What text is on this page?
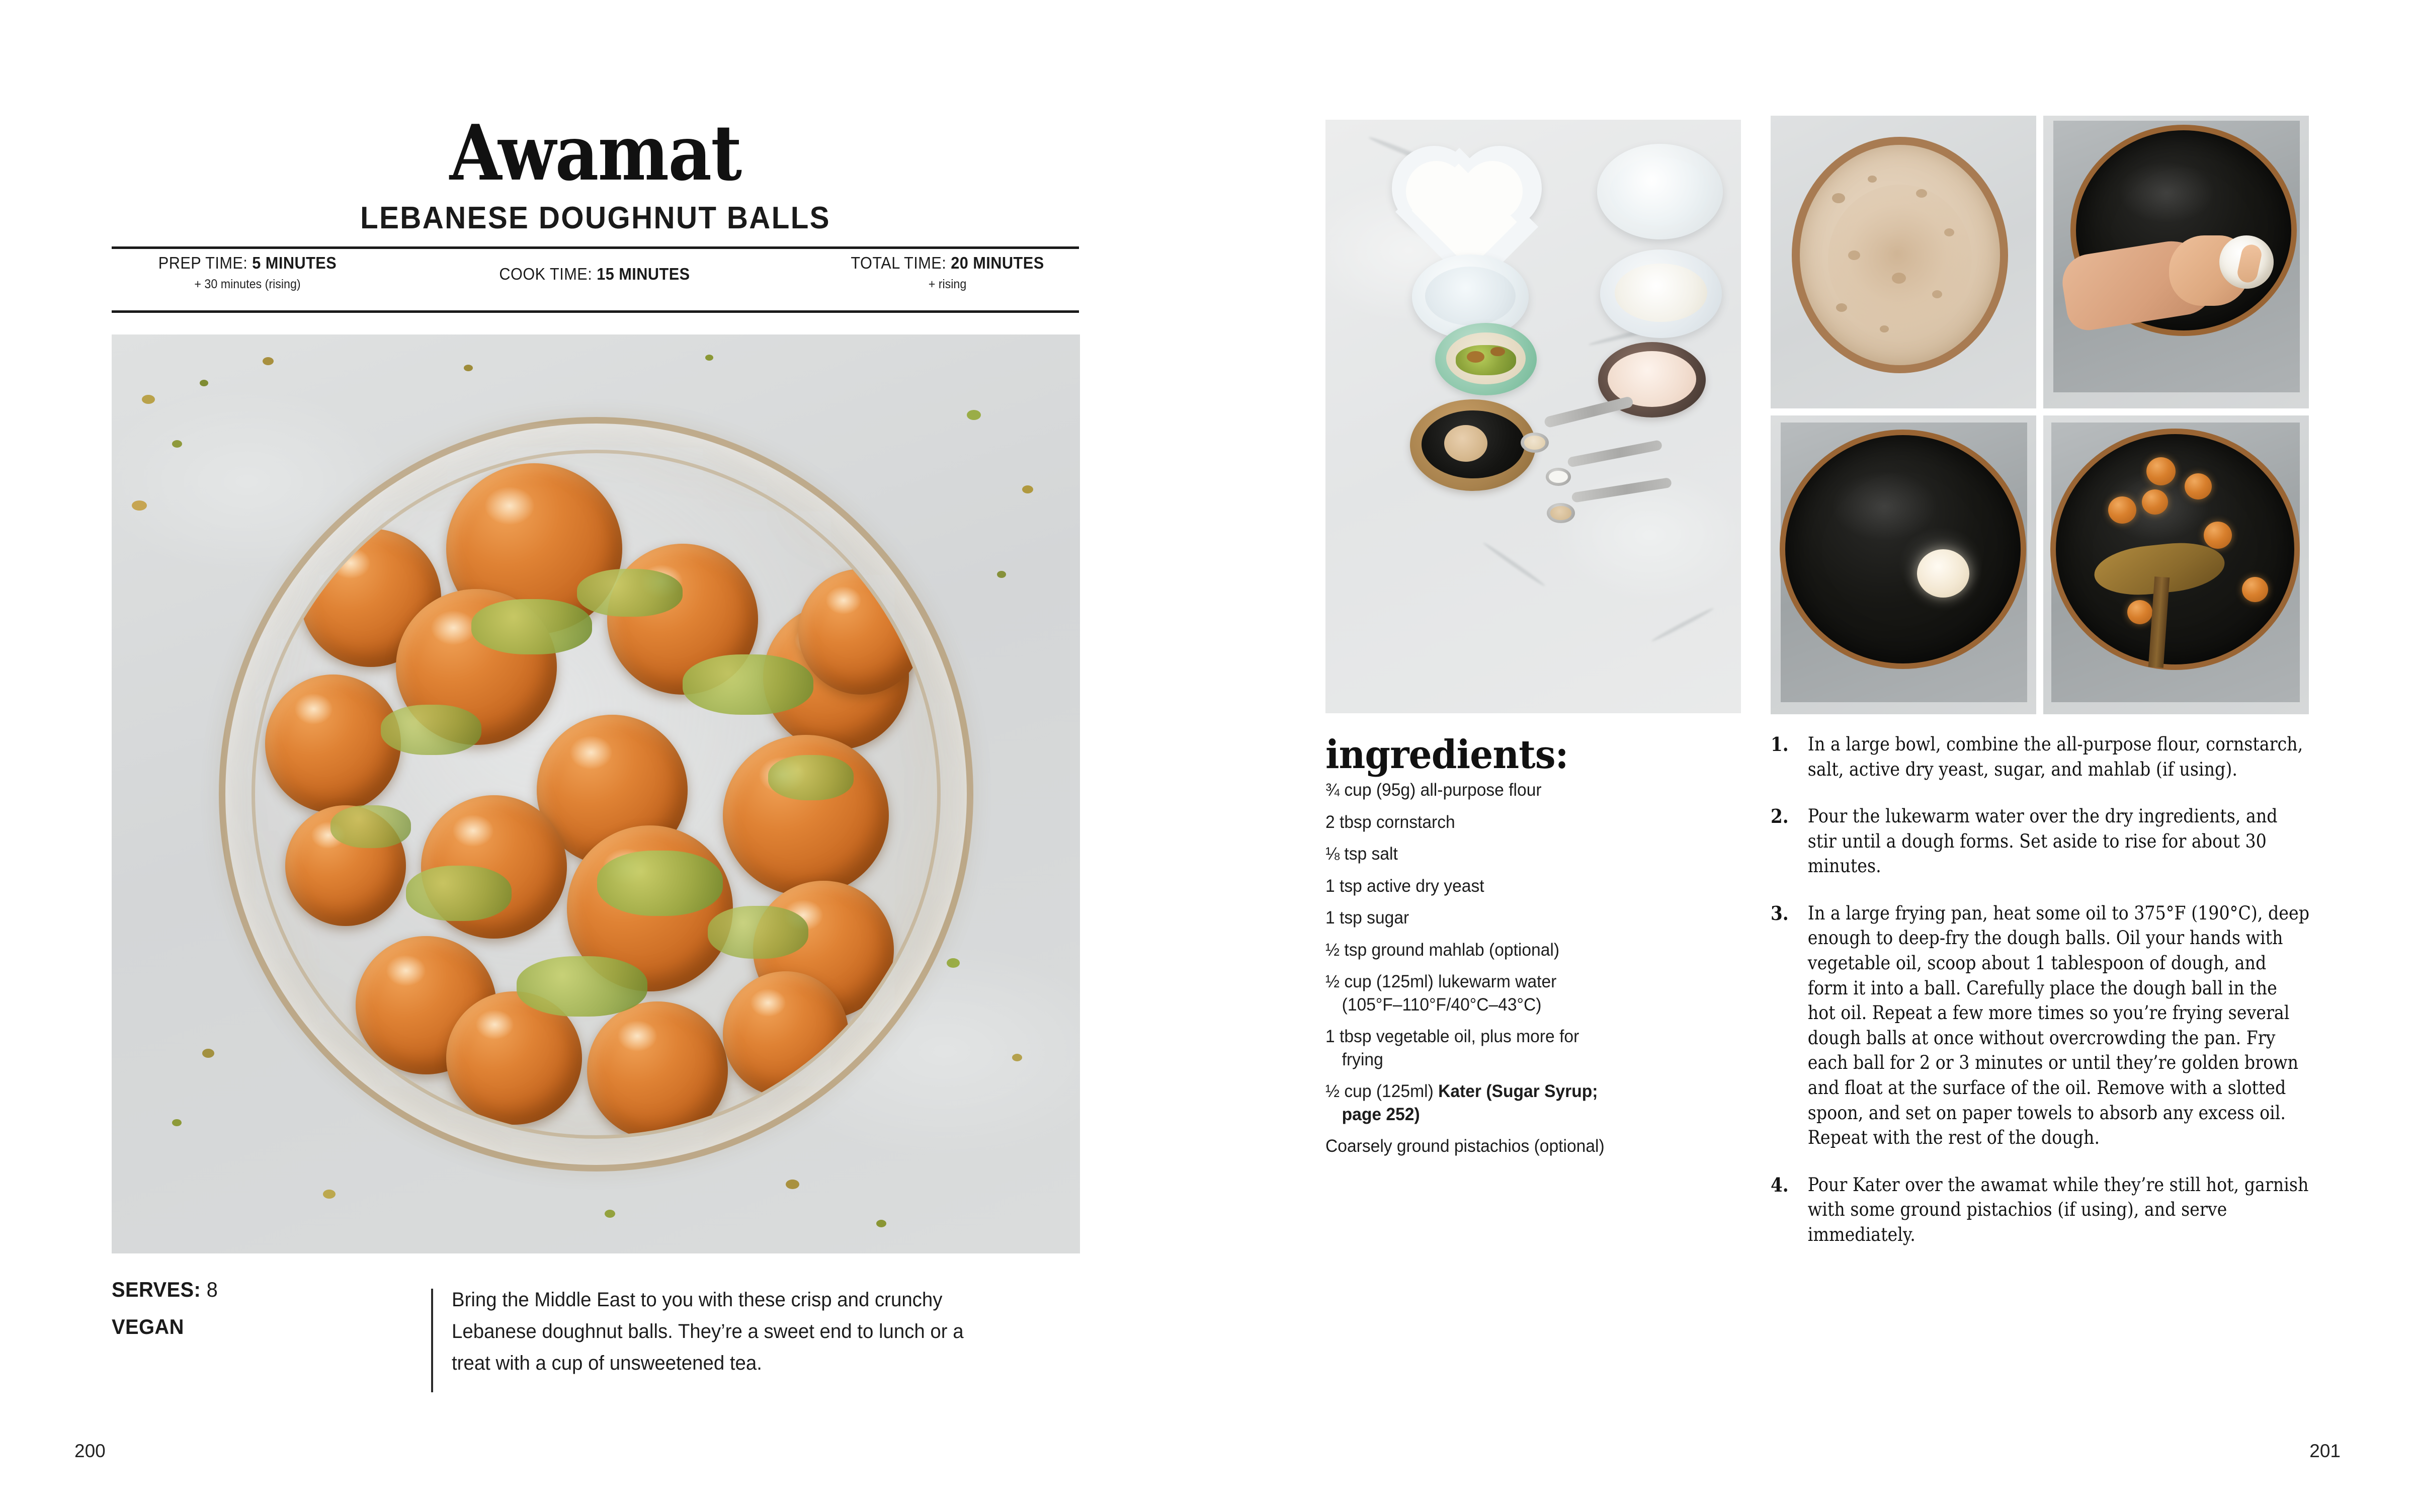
Awamat
LEBANESE DOUGHNUT BALLS
PREP TIME: 5 MINUTES
+ 30 minutes (rising)
COOK TIME: 15 MINUTES
TOTAL TIME: 20 MINUTES
+ rising
SERVES: 8
VEGAN
Bring the Middle East to you with these crisp and crunchy Lebanese doughnut balls. They’re a sweet end to lunch or a treat with a cup of unsweetened tea.
200
ingredients:
¾ cup (95g) all-purpose flour
2 tbsp cornstarch
⅛ tsp salt
1 tsp active dry yeast
1 tsp sugar
½ tsp ground mahlab (optional)
½ cup (125ml) lukewarm water
(105°F–110°F/40°C–43°C)
1 tbsp vegetable oil, plus more for
frying
½ cup (125ml) Kater (Sugar Syrup;
page 252)
Coarsely ground pistachios (optional)
1. In a large bowl, combine the all-purpose flour, cornstarch, salt, active dry yeast, sugar, and mahlab (if using).
2. Pour the lukewarm water over the dry ingredients, and stir until a dough forms. Set aside to rise for about 30 minutes.
3. In a large frying pan, heat some oil to 375°F (190°C), deep enough to deep-fry the dough balls. Oil your hands with vegetable oil, scoop about 1 tablespoon of dough, and form it into a ball. Carefully place the dough ball in the hot oil. Repeat a few more times so you’re frying several dough balls at once without overcrowding the pan. Fry each ball for 2 or 3 minutes or until they’re golden brown and float at the surface of the oil. Remove with a slotted spoon, and set on paper towels to absorb any excess oil. Repeat with the rest of the dough.
4. Pour Kater over the awamat while they’re still hot, garnish with some ground pistachios (if using), and serve immediately.
201
